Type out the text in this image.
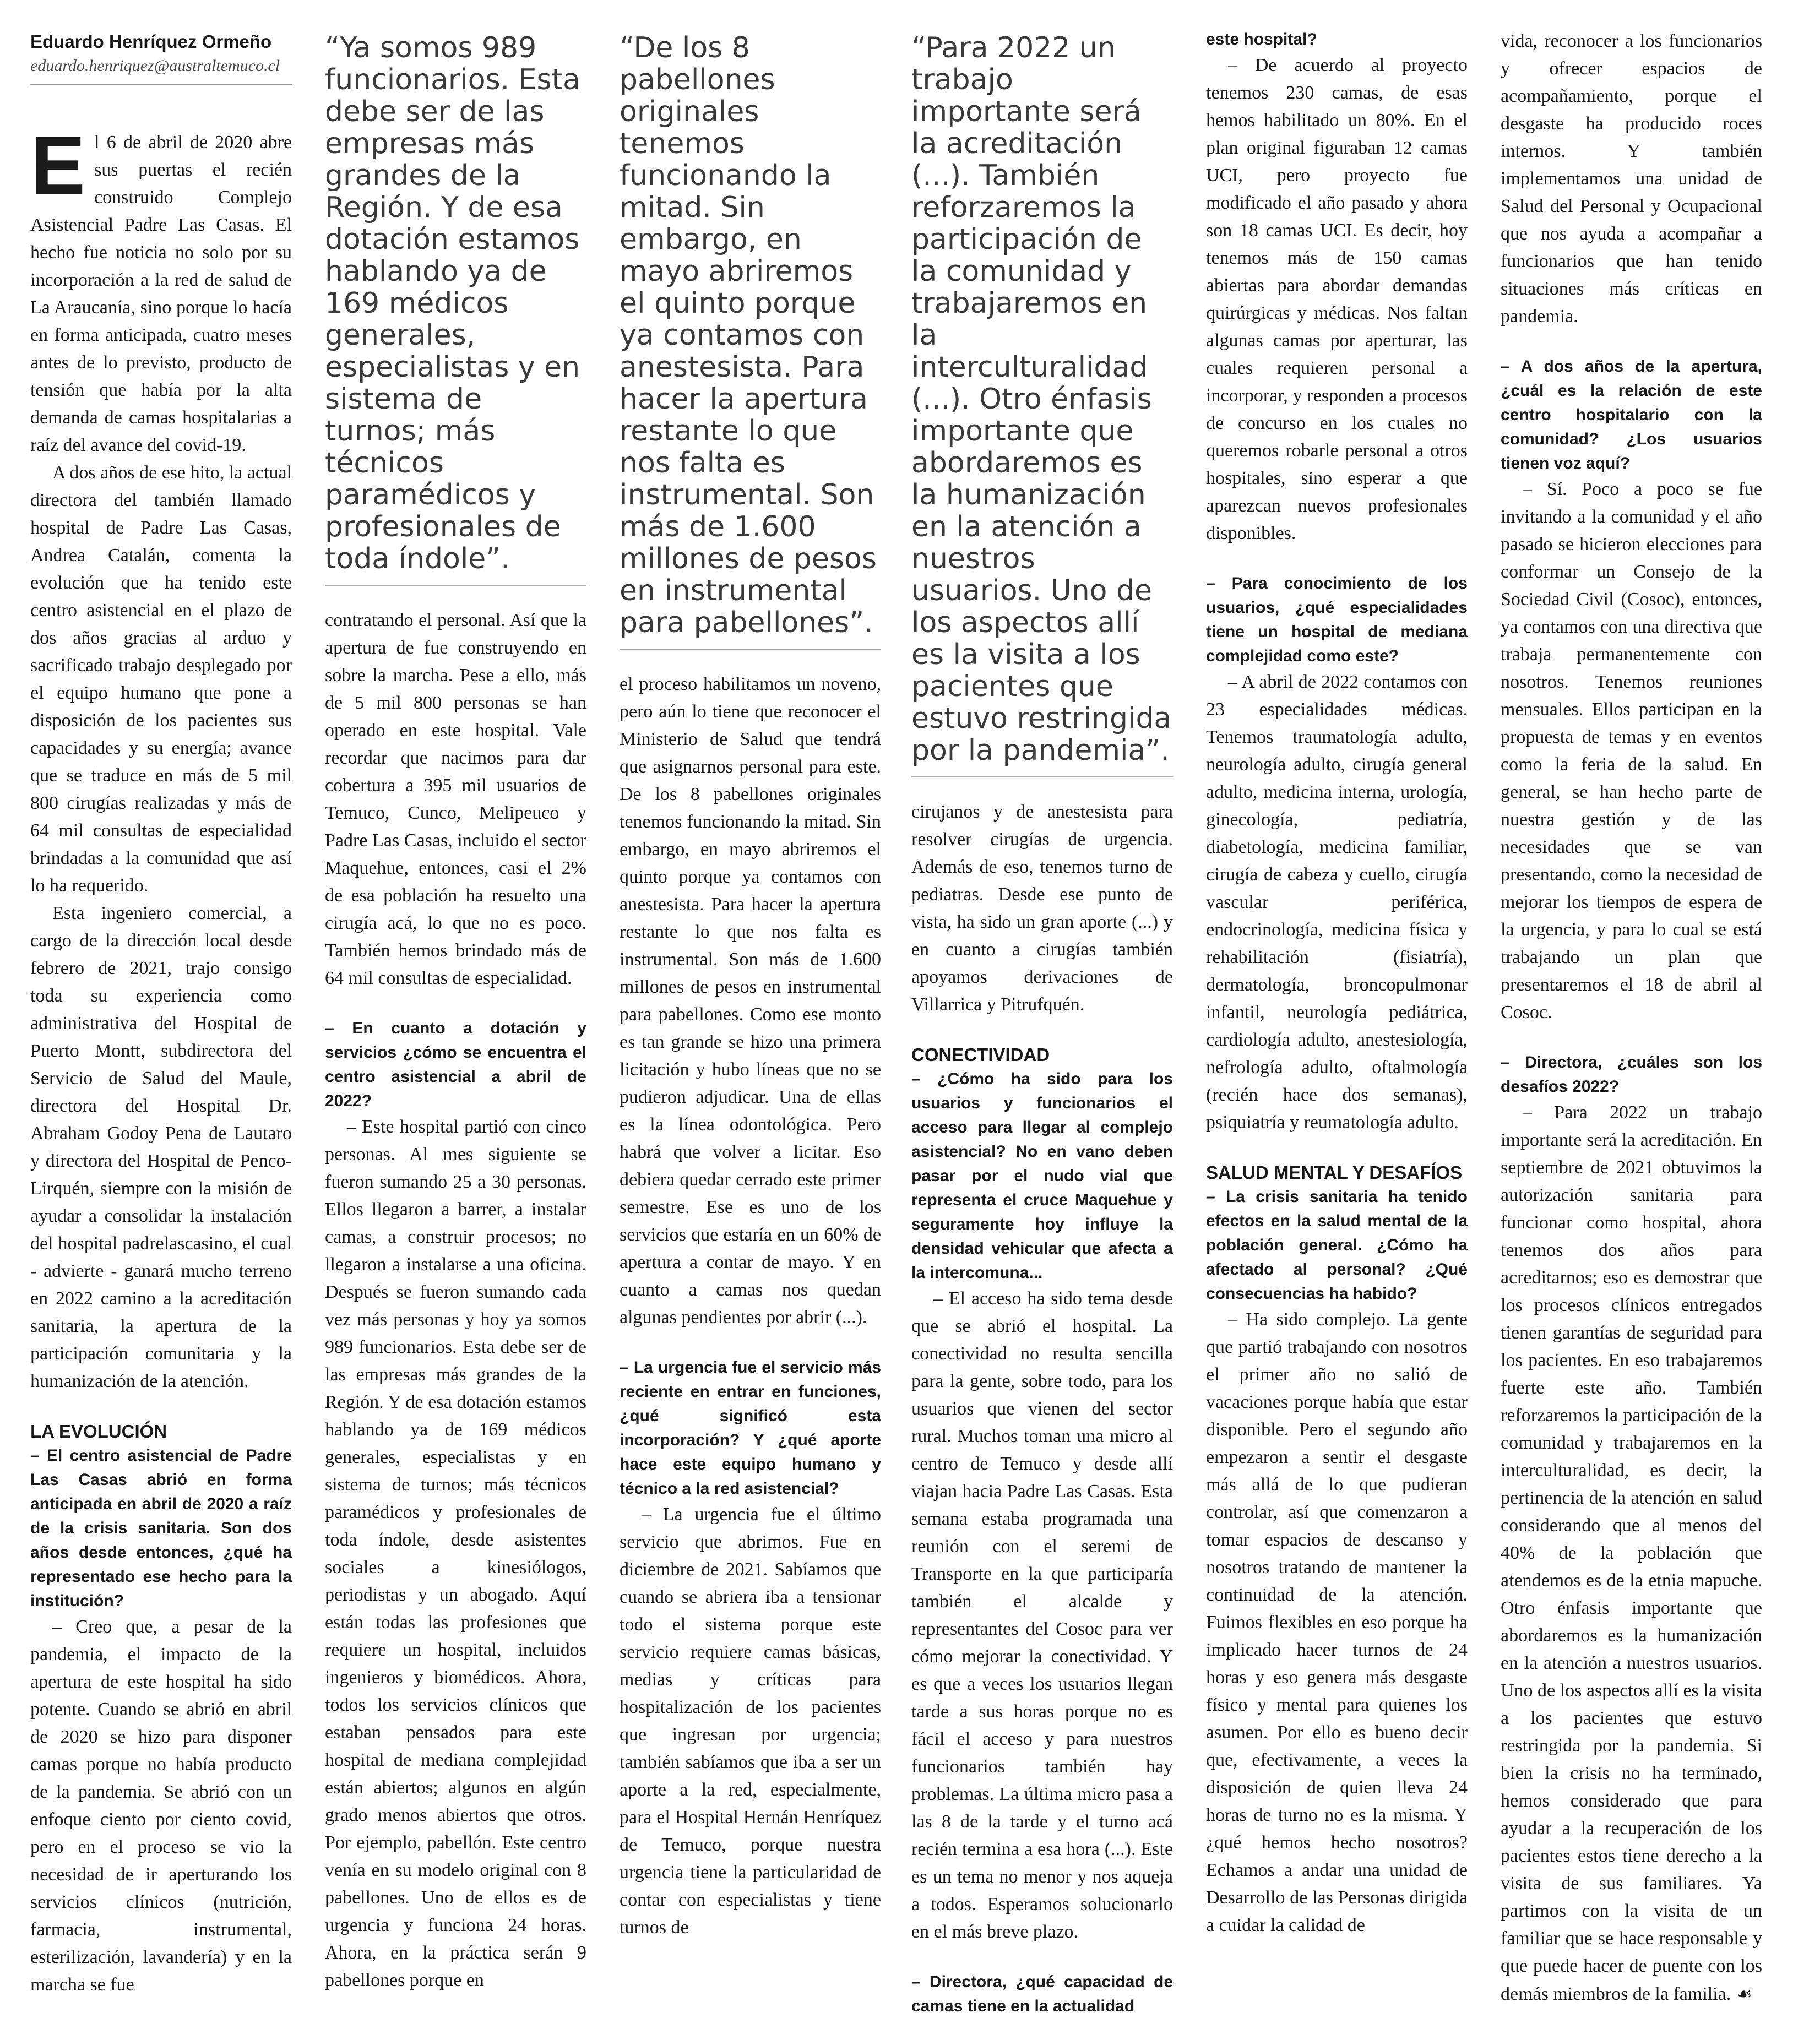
Eduardo Henríquez Ormeño
eduardo.henriquez@australtemuco.cl

El 6 de abril de 2020 abre sus puertas el recién construido Complejo Asistencial Padre Las Casas. El hecho fue noticia no solo por su incorporación a la red de salud de La Araucanía, sino porque lo hacía en forma anticipada, cuatro meses antes de lo previsto, producto de tensión que había por la alta demanda de camas hospitalarias a raíz del avance del covid-19.

A dos años de ese hito, la actual directora del también llamado hospital de Padre Las Casas, Andrea Catalán, comenta la evolución que ha tenido este centro asistencial en el plazo de dos años gracias al arduo y sacrificado trabajo desplegado por el equipo humano que pone a disposición de los pacientes sus capacidades y su energía; avance que se traduce en más de 5 mil 800 cirugías realizadas y más de 64 mil consultas de especialidad brindadas a la comunidad que así lo ha requerido.

Esta ingeniero comercial, a cargo de la dirección local desde febrero de 2021, trajo consigo toda su experiencia como administrativa del Hospital de Puerto Montt, subdirectora del Servicio de Salud del Maule, directora del Hospital Dr. Abraham Godoy Pena de Lautaro y directora del Hospital de Penco-Lirquén, siempre con la misión de ayudar a consolidar la instalación del hospital padrelascasino, el cual - advierte - ganará mucho terreno en 2022 camino a la acreditación sanitaria, la apertura de la participación comunitaria y la humanización de la atención.

LA EVOLUCIÓN
– El centro asistencial de Padre Las Casas abrió en forma anticipada en abril de 2020 a raíz de la crisis sanitaria. Son dos años desde entonces, ¿qué ha representado ese hecho para la institución?

– Creo que, a pesar de la pandemia, el impacto de la apertura de este hospital ha sido potente. Cuando se abrió en abril de 2020 se hizo para disponer camas porque no había producto de la pandemia. Se abrió con un enfoque ciento por ciento covid, pero en el proceso se vio la necesidad de ir aperturando los servicios clínicos (nutrición, farmacia, instrumental, esterilización, lavandería) y en la marcha se fue

“Ya somos 989 funcionarios. Esta debe ser de las empresas más grandes de la Región. Y de esa dotación estamos hablando ya de 169 médicos generales, especialistas y en sistema de turnos; más técnicos paramédicos y profesionales de toda índole”.

contratando el personal. Así que la apertura de fue construyendo en sobre la marcha. Pese a ello, más de 5 mil 800 personas se han operado en este hospital. Vale recordar que nacimos para dar cobertura a 395 mil usuarios de Temuco, Cunco, Melipeuco y Padre Las Casas, incluido el sector Maquehue, entonces, casi el 2% de esa población ha resuelto una cirugía acá, lo que no es poco. También hemos brindado más de 64 mil consultas de especialidad.

– En cuanto a dotación y servicios ¿cómo se encuentra el centro asistencial a abril de 2022?

– Este hospital partió con cinco personas. Al mes siguiente se fueron sumando 25 a 30 personas. Ellos llegaron a barrer, a instalar camas, a construir procesos; no llegaron a instalarse a una oficina. Después se fueron sumando cada vez más personas y hoy ya somos 989 funcionarios. Esta debe ser de las empresas más grandes de la Región. Y de esa dotación estamos hablando ya de 169 médicos generales, especialistas y en sistema de turnos; más técnicos paramédicos y profesionales de toda índole, desde asistentes sociales a kinesiólogos, periodistas y un abogado. Aquí están todas las profesiones que requiere un hospital, incluidos ingenieros y biomédicos. Ahora, todos los servicios clínicos que estaban pensados para este hospital de mediana complejidad están abiertos; algunos en algún grado menos abiertos que otros. Por ejemplo, pabellón. Este centro venía en su modelo original con 8 pabellones. Uno de ellos es de urgencia y funciona 24 horas. Ahora, en la práctica serán 9 pabellones porque en

“De los 8 pabellones originales tenemos funcionando la mitad. Sin embargo, en mayo abriremos el quinto porque ya contamos con anestesista. Para hacer la apertura restante lo que nos falta es instrumental. Son más de 1.600 millones de pesos en instrumental para pabellones”.

el proceso habilitamos un noveno, pero aún lo tiene que reconocer el Ministerio de Salud que tendrá que asignarnos personal para este. De los 8 pabellones originales tenemos funcionando la mitad. Sin embargo, en mayo abriremos el quinto porque ya contamos con anestesista. Para hacer la apertura restante lo que nos falta es instrumental. Son más de 1.600 millones de pesos en instrumental para pabellones. Como ese monto es tan grande se hizo una primera licitación y hubo líneas que no se pudieron adjudicar. Una de ellas es la línea odontológica. Pero habrá que volver a licitar. Eso debiera quedar cerrado este primer semestre. Ese es uno de los servicios que estaría en un 60% de apertura a contar de mayo. Y en cuanto a camas nos quedan algunas pendientes por abrir (...).

– La urgencia fue el servicio más reciente en entrar en funciones, ¿qué significó esta incorporación? Y ¿qué aporte hace este equipo humano y técnico a la red asistencial?

– La urgencia fue el último servicio que abrimos. Fue en diciembre de 2021. Sabíamos que cuando se abriera iba a tensionar todo el sistema porque este servicio requiere camas básicas, medias y críticas para hospitalización de los pacientes que ingresan por urgencia; también sabíamos que iba a ser un aporte a la red, especialmente, para el Hospital Hernán Henríquez de Temuco, porque nuestra urgencia tiene la particularidad de contar con especialistas y tiene turnos de

“Para 2022 un trabajo importante será la acreditación (...). También reforzaremos la participación de la comunidad y trabajaremos en la interculturalidad (...). Otro énfasis importante que abordaremos es la humanización en la atención a nuestros usuarios. Uno de los aspectos allí es la visita a los pacientes que estuvo restringida por la pandemia”.

cirujanos y de anestesista para resolver cirugías de urgencia. Además de eso, tenemos turno de pediatras. Desde ese punto de vista, ha sido un gran aporte (...) y en cuanto a cirugías también apoyamos derivaciones de Villarrica y Pitrufquén.

CONECTIVIDAD
– ¿Cómo ha sido para los usuarios y funcionarios el acceso para llegar al complejo asistencial? No en vano deben pasar por el nudo vial que representa el cruce Maquehue y seguramente hoy influye la densidad vehicular que afecta a la intercomuna...

– El acceso ha sido tema desde que se abrió el hospital. La conectividad no resulta sencilla para la gente, sobre todo, para los usuarios que vienen del sector rural. Muchos toman una micro al centro de Temuco y desde allí viajan hacia Padre Las Casas. Esta semana estaba programada una reunión con el seremi de Transporte en la que participaría también el alcalde y representantes del Cosoc para ver cómo mejorar la conectividad. Y es que a veces los usuarios llegan tarde a sus horas porque no es fácil el acceso y para nuestros funcionarios también hay problemas. La última micro pasa a las 8 de la tarde y el turno acá recién termina a esa hora (...). Este es un tema no menor y nos aqueja a todos. Esperamos solucionarlo en el más breve plazo.

– Directora, ¿qué capacidad de camas tiene en la actualidad
este hospital?

– De acuerdo al proyecto tenemos 230 camas, de esas hemos habilitado un 80%. En el plan original figuraban 12 camas UCI, pero proyecto fue modificado el año pasado y ahora son 18 camas UCI. Es decir, hoy tenemos más de 150 camas abiertas para abordar demandas quirúrgicas y médicas. Nos faltan algunas camas por aperturar, las cuales requieren personal a incorporar, y responden a procesos de concurso en los cuales no queremos robarle personal a otros hospitales, sino esperar a que aparezcan nuevos profesionales disponibles.

– Para conocimiento de los usuarios, ¿qué especialidades tiene un hospital de mediana complejidad como este?

– A abril de 2022 contamos con 23 especialidades médicas. Tenemos traumatología adulto, neurología adulto, cirugía general adulto, medicina interna, urología, ginecología, pediatría, diabetología, medicina familiar, cirugía de cabeza y cuello, cirugía vascular periférica, endocrinología, medicina física y rehabilitación (fisiatría), dermatología, broncopulmonar infantil, neurología pediátrica, cardiología adulto, anestesiología, nefrología adulto, oftalmología (recién hace dos semanas), psiquiatría y reumatología adulto.

SALUD MENTAL Y DESAFÍOS
– La crisis sanitaria ha tenido efectos en la salud mental de la población general. ¿Cómo ha afectado al personal? ¿Qué consecuencias ha habido?

– Ha sido complejo. La gente que partió trabajando con nosotros el primer año no salió de vacaciones porque había que estar disponible. Pero el segundo año empezaron a sentir el desgaste más allá de lo que pudieran controlar, así que comenzaron a tomar espacios de descanso y nosotros tratando de mantener la continuidad de la atención. Fuimos flexibles en eso porque ha implicado hacer turnos de 24 horas y eso genera más desgaste físico y mental para quienes los asumen. Por ello es bueno decir que, efectivamente, a veces la disposición de quien lleva 24 horas de turno no es la misma. Y ¿qué hemos hecho nosotros? Echamos a andar una unidad de Desarrollo de las Personas dirigida a cuidar la calidad de

vida, reconocer a los funcionarios y ofrecer espacios de acompañamiento, porque el desgaste ha producido roces internos. Y también implementamos una unidad de Salud del Personal y Ocupacional que nos ayuda a acompañar a funcionarios que han tenido situaciones más críticas en pandemia.

– A dos años de la apertura, ¿cuál es la relación de este centro hospitalario con la comunidad? ¿Los usuarios tienen voz aquí?

– Sí. Poco a poco se fue invitando a la comunidad y el año pasado se hicieron elecciones para conformar un Consejo de la Sociedad Civil (Cosoc), entonces, ya contamos con una directiva que trabaja permanentemente con nosotros. Tenemos reuniones mensuales. Ellos participan en la propuesta de temas y en eventos como la feria de la salud. En general, se han hecho parte de nuestra gestión y de las necesidades que se van presentando, como la necesidad de mejorar los tiempos de espera de la urgencia, y para lo cual se está trabajando un plan que presentaremos el 18 de abril al Cosoc.

– Directora, ¿cuáles son los desafíos 2022?

– Para 2022 un trabajo importante será la acreditación. En septiembre de 2021 obtuvimos la autorización sanitaria para funcionar como hospital, ahora tenemos dos años para acreditarnos; eso es demostrar que los procesos clínicos entregados tienen garantías de seguridad para los pacientes. En eso trabajaremos fuerte este año. También reforzaremos la participación de la comunidad y trabajaremos en la interculturalidad, es decir, la pertinencia de la atención en salud considerando que al menos del 40% de la población que atendemos es de la etnia mapuche. Otro énfasis importante que abordaremos es la humanización en la atención a nuestros usuarios. Uno de los aspectos allí es la visita a los pacientes que estuvo restringida por la pandemia. Si bien la crisis no ha terminado, hemos considerado que para ayudar a la recuperación de los pacientes estos tiene derecho a la visita de sus familiares. Ya partimos con la visita de un familiar que se hace responsable y que puede hacer de puente con los demás miembros de la familia. ☙
